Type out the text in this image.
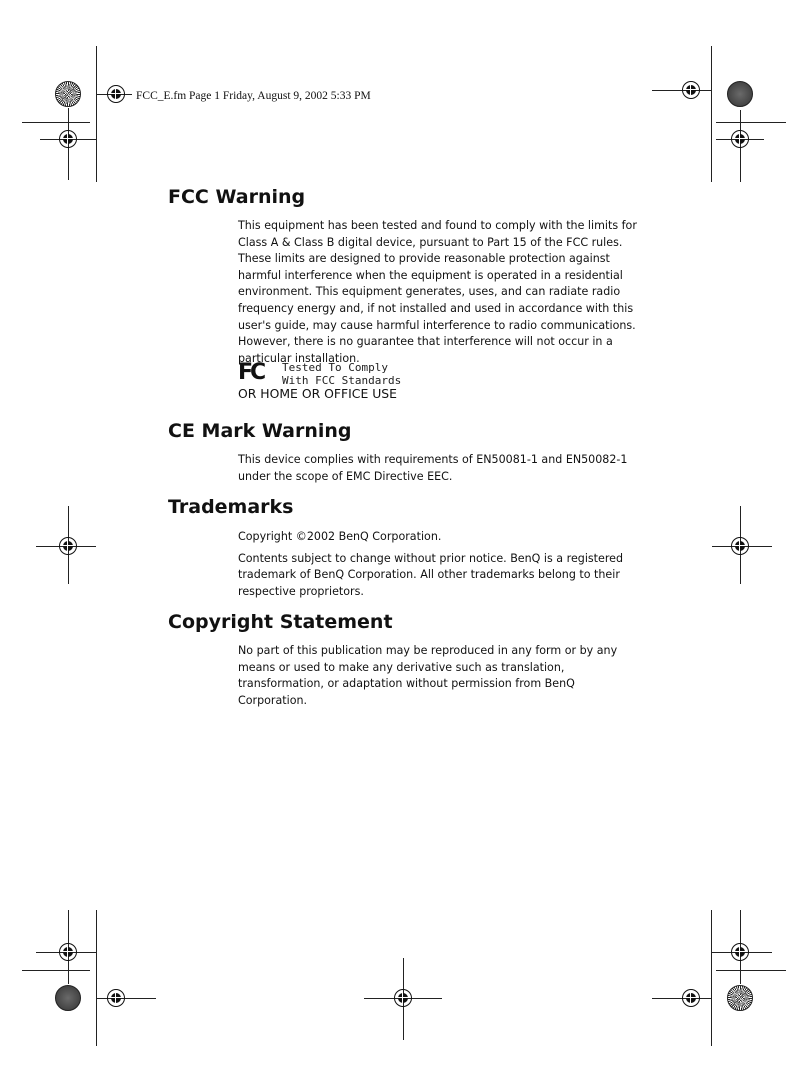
FCC_E.fm Page 1 Friday, August 9, 2002 5:33 PM
FCC Warning

This equipment has been tested and found to comply with the limits for Class A & Class B digital device, pursuant to Part 15 of the FCC rules. These limits are designed to provide reasonable protection against harmful interference when the equipment is operated in a residential environment. This equipment generates, uses, and can radiate radio frequency energy and, if not installed and used in accordance with this user's guide, may cause harmful interference to radio communications. However, there is no guarantee that interference will not occur in a particular installation.

FC Tested To Comply
With FCC Standards
OR HOME OR OFFICE USE
CE Mark Warning

This device complies with requirements of EN50081-1 and EN50082-1 under the scope of EMC Directive EEC.

Trademarks

Copyright ©2002 BenQ Corporation.

Contents subject to change without prior notice. BenQ is a registered trademark of BenQ Corporation. All other trademarks belong to their respective proprietors.

Copyright Statement

No part of this publication may be reproduced in any form or by any means or used to make any derivative such as translation, transformation, or adaptation without permission from BenQ Corporation.
